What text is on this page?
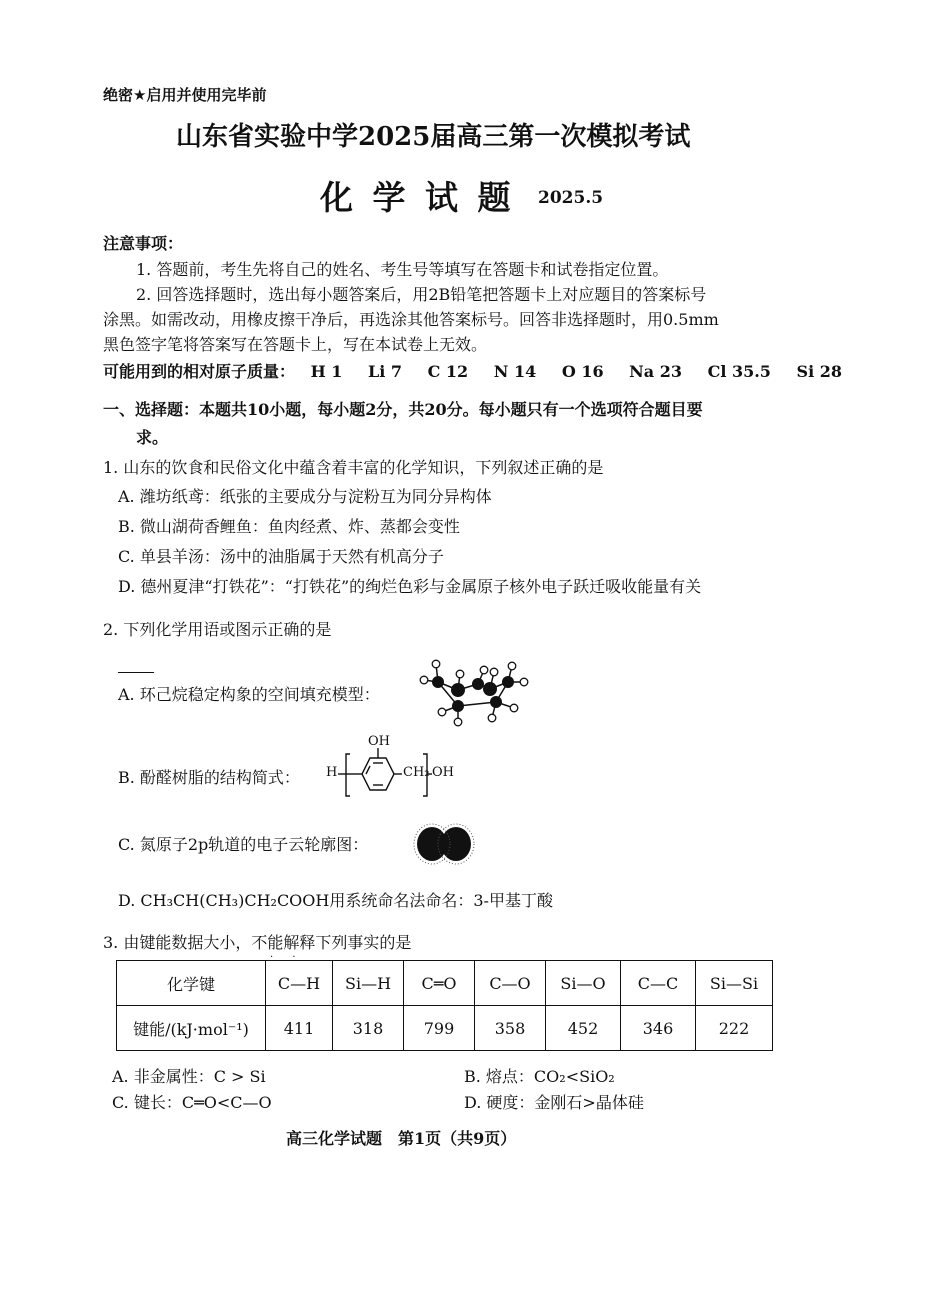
绝密★启用并使用完毕前
山东省实验中学2025届高三第一次模拟考试
化 学 试 题 2025.5
注意事项：
1. 答题前，考生先将自己的姓名、考生号等填写在答题卡和试卷指定位置。
2. 回答选择题时，选出每小题答案后，用2B铅笔把答题卡上对应题目的答案标号
涂黑。如需改动，用橡皮擦干净后，再选涂其他答案标号。回答非选择题时，用0.5mm
黑色签字笔将答案写在答题卡上，写在本试卷上无效。
可能用到的相对原子质量： H 1 Li 7 C 12 N 14 O 16 Na 23 Cl 35.5 Si 28
一、选择题：本题共10小题，每小题2分，共20分。每小题只有一个选项符合题目要
求。
1. 山东的饮食和民俗文化中蕴含着丰富的化学知识，下列叙述正确的是
A. 潍坊纸鸢：纸张的主要成分与淀粉互为同分异构体
B. 微山湖荷香鲤鱼：鱼肉经煮、炸、蒸都会变性
C. 单县羊汤：汤中的油脂属于天然有机高分子
D. 德州夏津“打铁花”：“打铁花”的绚烂色彩与金属原子核外电子跃迁吸收能量有关
2. 下列化学用语或图示正确的是
A. 环己烷稳定构象的空间填充模型：
B. 酚醛树脂的结构简式： H
OH
CH₂ OH
C. 氮原子2p轨道的电子云轮廓图：
D. CH₃CH(CH₃)CH₂COOH用系统命名法命名：3-甲基丁酸
3. 由键能数据大小，不能解释下列事实的是
· ·
化学键	C—H	Si—H	C═O	C—O	Si—O	C—C	Si—Si
键能/(kJ·mol⁻¹)	411	318	799	358	452	346	222
A. 非金属性：C > Si	B. 熔点：CO₂<SiO₂
C. 键长：C═O<C—O	D. 硬度：金刚石>晶体硅
高三化学试题　第1页（共9页）
